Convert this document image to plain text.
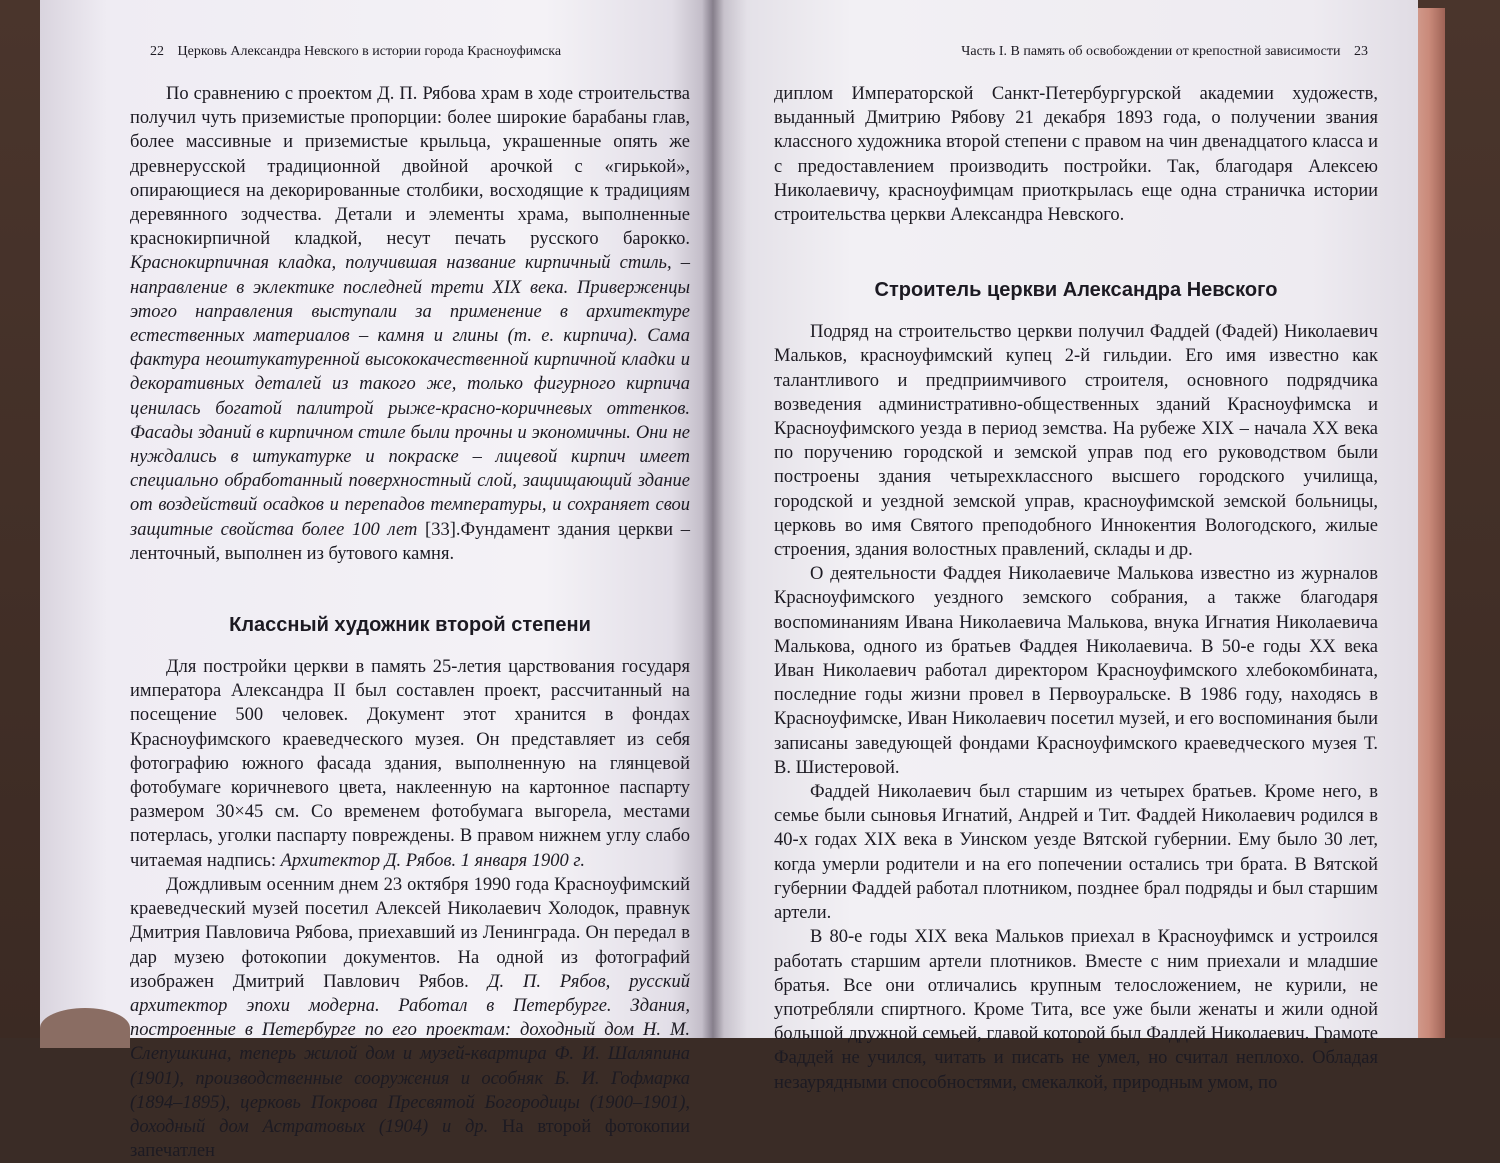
22 Церковь Александра Невского в истории города Красноуфимска

По сравнению с проектом Д. П. Рябова храм в ходе строительства получил чуть приземистые пропорции: более широкие барабаны глав, более массивные и приземистые крыльца, украшенные опять же древнерусской традиционной двойной арочкой с «гирькой», опирающиеся на декорированные столбики, восходящие к традициям деревянного зодчества. Детали и элементы храма, выполненные краснокирпичной кладкой, несут печать русского барокко. Краснокирпичная кладка, получившая название кирпичный стиль, – направление в эклектике последней трети XIX века. Приверженцы этого направления выступали за применение в архитектуре естественных материалов – камня и глины (т. е. кирпича). Сама фактура неоштукатуренной высококачественной кирпичной кладки и декоративных деталей из такого же, только фигурного кирпича ценилась богатой палитрой рыже-красно-коричневых оттенков. Фасады зданий в кирпичном стиле были прочны и экономичны. Они не нуждались в штукатурке и покраске – лицевой кирпич имеет специально обработанный поверхностный слой, защищающий здание от воздействий осадков и перепадов температуры, и сохраняет свои защитные свойства более 100 лет [33].Фундамент здания церкви – ленточный, выполнен из бутового камня.

Классный художник второй степени

Для постройки церкви в память 25-летия царствования государя императора Александра II был составлен проект, рассчитанный на посещение 500 человек. Документ этот хранится в фондах Красноуфимского краеведческого музея. Он представляет из себя фотографию южного фасада здания, выполненную на глянцевой фотобумаге коричневого цвета, наклеенную на картонное паспарту размером 30×45 см. Со временем фотобумага выгорела, местами потерлась, уголки паспарту повреждены. В правом нижнем углу слабо читаемая надпись: Архитектор Д. Рябов. 1 января 1900 г.

Дождливым осенним днем 23 октября 1990 года Красноуфимский краеведческий музей посетил Алексей Николаевич Холодок, правнук Дмитрия Павловича Рябова, приехавший из Ленинграда. Он передал в дар музею фотокопии документов. На одной из фотографий изображен Дмитрий Павлович Рябов. Д. П. Рябов, русский архитектор эпохи модерна. Работал в Петербурге. Здания, построенные в Петербурге по его проектам: доходный дом Н. М. Слепушкина, теперь жилой дом и музей-квартира Ф. И. Шаляпина (1901), производственные сооружения и особняк Б. И. Гофмарка (1894–1895), церковь Покрова Пресвятой Богородицы (1900–1901), доходный дом Астратовых (1904) и др. На второй фотокопии запечатлен

Часть I. В память об освобождении от крепостной зависимости 23

диплом Императорской Санкт-Петербургурской академии художеств, выданный Дмитрию Рябову 21 декабря 1893 года, о получении звания классного художника второй степени с правом на чин двенадцатого класса и с предоставлением производить постройки. Так, благодаря Алексею Николаевичу, красноуфимцам приоткрылась еще одна страничка истории строительства церкви Александра Невского.

Строитель церкви Александра Невского

Подряд на строительство церкви получил Фаддей (Фадей) Николаевич Мальков, красноуфимский купец 2-й гильдии. Его имя известно как талантливого и предприимчивого строителя, основного подрядчика возведения административно-общественных зданий Красноуфимска и Красноуфимского уезда в период земства. На рубеже XIX – начала XX века по поручению городской и земской управ под его руководством были построены здания четырехклассного высшего городского училища, городской и уездной земской управ, красноуфимской земской больницы, церковь во имя Святого преподобного Иннокентия Вологодского, жилые строения, здания волостных правлений, склады и др.

О деятельности Фаддея Николаевиче Малькова известно из журналов Красноуфимского уездного земского собрания, а также благодаря воспоминаниям Ивана Николаевича Малькова, внука Игнатия Николаевича Малькова, одного из братьев Фаддея Николаевича. В 50-е годы XX века Иван Николаевич работал директором Красноуфимского хлебокомбината, последние годы жизни провел в Первоуральске. В 1986 году, находясь в Красноуфимске, Иван Николаевич посетил музей, и его воспоминания были записаны заведующей фондами Красноуфимского краеведческого музея Т. В. Шистеровой.

Фаддей Николаевич был старшим из четырех братьев. Кроме него, в семье были сыновья Игнатий, Андрей и Тит. Фаддей Николаевич родился в 40-х годах XIX века в Уинском уезде Вятской губернии. Ему было 30 лет, когда умерли родители и на его попечении остались три брата. В Вятской губернии Фаддей работал плотником, позднее брал подряды и был старшим артели.

В 80-е годы XIX века Мальков приехал в Красноуфимск и устроился работать старшим артели плотников. Вместе с ним приехали и младшие братья. Все они отличались крупным телосложением, не курили, не употребляли спиртного. Кроме Тита, все уже были женаты и жили одной большой дружной семьей, главой которой был Фаддей Николаевич. Грамоте Фаддей не учился, читать и писать не умел, но считал неплохо. Обладая незаурядными способностями, смекалкой, природным умом, по
